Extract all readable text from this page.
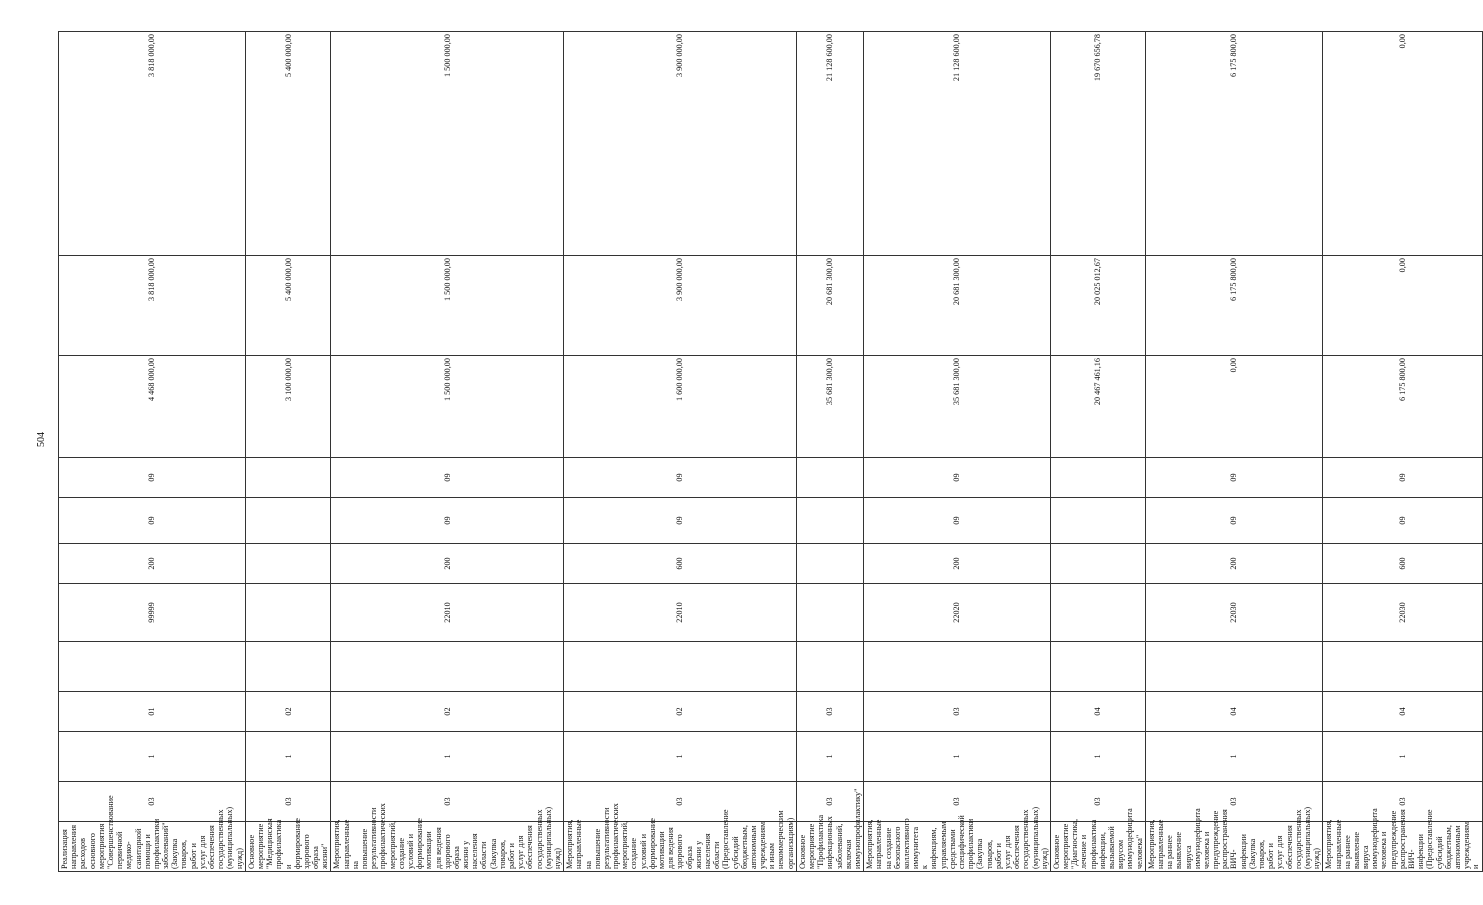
504
Реализация направления расходов основного мероприятия "Совершенствование первичной медико-санитарной помощи и профилактики заболеваний" (Закупка товаров, работ и услуг для обеспечения государственных (муниципальных) нужд)	03	1	01		99999	200	09	09	4 468 000,00	3 818 000,00	3 818 000,00
Основное мероприятие "Медицинская профилактика и формирование здорового образа жизни"	03	1	02						3 100 000,00	5 400 000,00	5 400 000,00
Мероприятия, направленные на повышение результативности профилактических мероприятий, создание условий и формирование мотивации для ведения здорового образа жизни у населения области (Закупка товаров, работ и услуг для обеспечения государственных (муниципальных) нужд)	03	1	02		22010	200	09	09	1 500 000,00	1 500 000,00	1 500 000,00
Мероприятия, направленные на повышение результативности профилактических мероприятий, создание условий и формирование мотивации для ведения здорового образа жизни у населения области (Предоставление субсидий бюджетным, автономным учреждениям и иным некоммерческим организациям)	03	1	02		22010	600	09	09	1 600 000,00	3 900 000,00	3 900 000,00
Основное мероприятие "Профилактика инфекционных заболеваний, включая иммунопрофилактику"	03	1	03						35 681 300,00	20 681 300,00	21 128 600,00
Мероприятия, направленные на создание безопасного коллективного иммунитета к инфекциям, управляемым средствами специфической профилактики (Закупка товаров, работ и услуг для обеспечения государственных (муниципальных) нужд)	03	1	03		22020	200	09	09	35 681 300,00	20 681 300,00	21 128 600,00
Основное мероприятие "Диагностика, лечение и профилактика инфекции, вызываемой вирусом иммунодефицита человека"	03	1	04						20 467 461,16	20 025 012,67	19 670 656,78
Мероприятия, направленные на раннее выявление вируса иммунодефицита человека и предупреждение распространения ВИЧ-инфекции (Закупка товаров, работ и услуг для обеспечения государственных (муниципальных) нужд)	03	1	04		22030	200	09	09	0,00	6 175 800,00	6 175 800,00
Мероприятия, направленные на раннее выявление вируса иммунодефицита человека и предупреждение распространения ВИЧ-инфекции (Предоставление субсидий бюджетным, автономным учреждениям и	03	1	04		22030	600	09	09	6 175 800,00	0,00	0,00
